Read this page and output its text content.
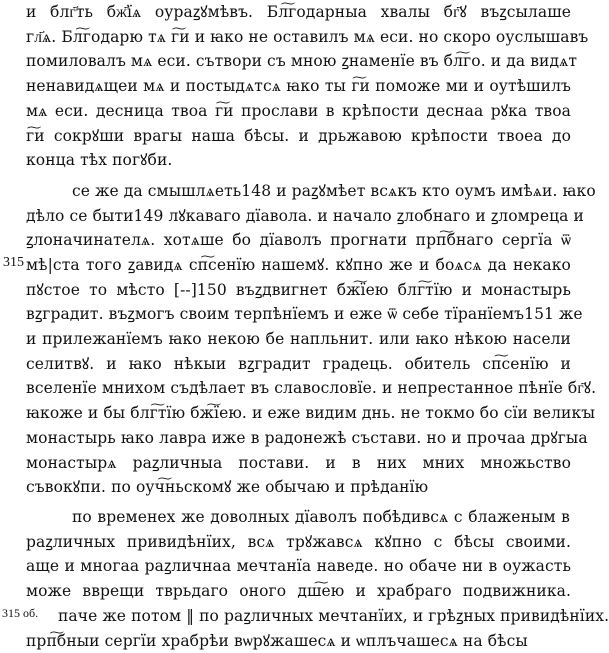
и блг҃ть бж҃їѧ оураꙁꙋмѣвъ. Бл͠годарныа хвалы бг҃ꙋ въꙁсылаше
гл҃ѧ. Бл͠годарю тѧ г͠и и ꙗко не оставилъ мѧ еси. но скоро оуслышавъ
помиловалъ мѧ еси. сътвори съ мною ꙁнаменїе въ бл͠го. и да видѧт
ненавидѧщеи мѧ и постыдѧтсѧ ꙗко ты г͠и поможе ми и оутѣшилъ
мѧ еси. десница твоа г͠и прослави в крѣпости деснаа рꙋка твоа
г͠и сокрꙋши врагы наша бѣсы. и дрьжавою крѣпости твоеа до
конца тѣх погꙋби.
се же да смышлѧеть148 и раꙁꙋмѣет всѧкъ кто оумъ имѣѧи. ꙗко
дѣло се быти149 лꙋкаваго дїавола. и начало ꙁлобнаго и ꙁломреца и
ꙁлоначинателѧ. хотѧше бо дїаволъ прогнати прп͠бнаго сергїа ѿ
мѣ|ста того ꙁавидѧ сп͠сенїю нашемꙋ. кꙋпно же и боѧсѧ да некако
пꙋстое то мѣсто [--]150 въꙁдвигнет бж͠їею блг͠тїю и монастырь
вꙁградит. въꙁмогъ своим терпѣнїемъ и еже ѿ себе тїранїемъ151 же
и прилежанїемъ ꙗко некою бе напльнит. или ꙗко нѣкою насели
селитвꙋ. и ꙗко нѣкыи вꙁградит градець. обитель сп͠сенїю и
вселенїе мнихом съдѣлает въ славословїе. и непрестанное пѣнїе бг҃ꙋ.
ꙗкоже и бы блг͠тїю бж͠їею. и еже видим днь. не токмо бо сїи великꙑ
монастырь ꙗко лавра иже в радонежѣ състави. но и прочаа дрꙋгыа
монастырѧ раꙁличныа постави. и в них мних множьство
съвокꙋпи. по оуч͠ньскомꙋ же обычаю и прѣданїю
по временех же доволных дїаволъ побѣдивсѧ с блаженым в
раꙁличных привидѣнїих, всѧ трꙋжавсѧ кꙋпно с бѣсы своими.
аще и многаа раꙁличнаа мечтанїа наведе. но обаче ни в оужасть
може вврещи тврьдаго оного дш͠ею и храбраго подвижника.
паче же потом ‖ по раꙁличных мечтанїих, и грѣꙁных привидѣнїих.
прп͠бныи сергїи храбрѣи вѡрꙋжашесѧ и ѡплъчашесѧ на бѣсы
315
315 об.
